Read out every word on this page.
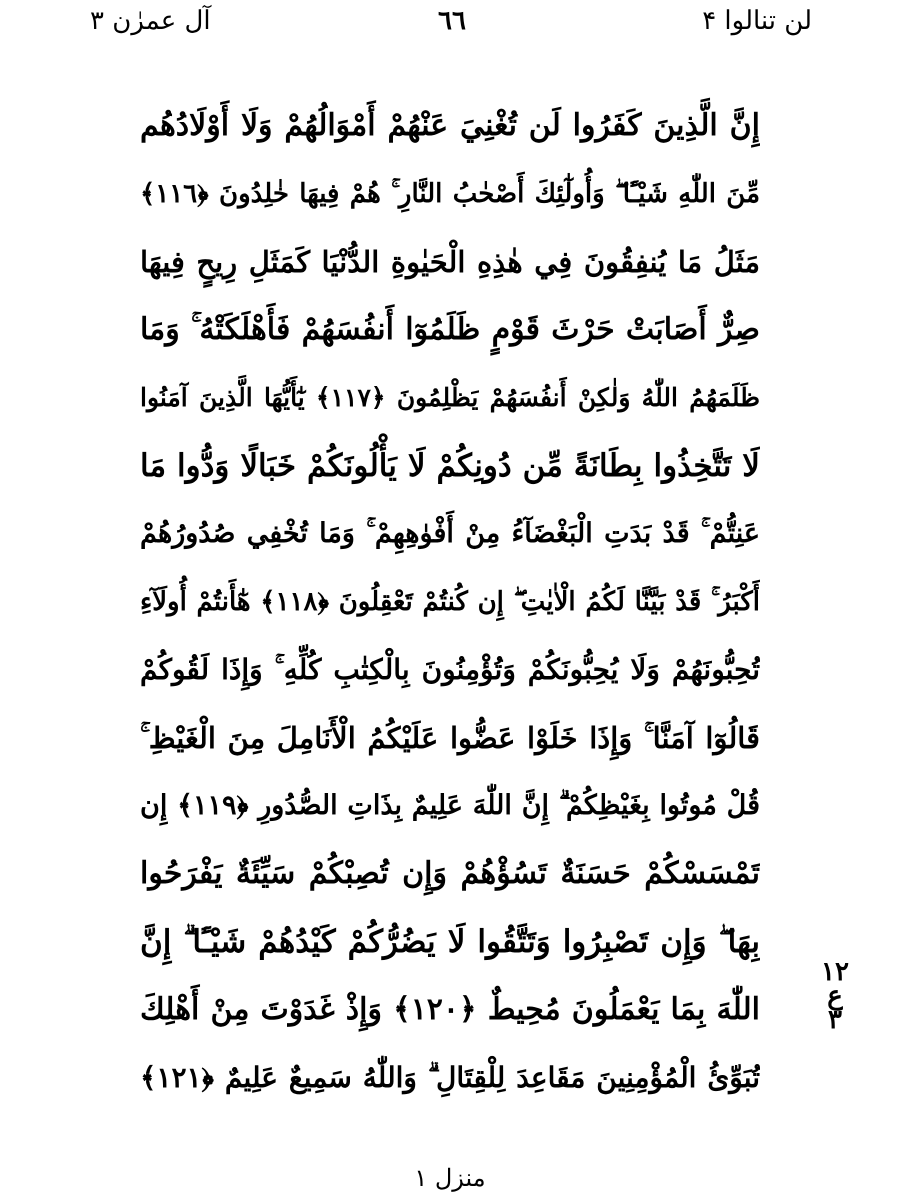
لن تنالوا ۴
٦٦
آل عمرٰن ۳
إِنَّ الَّذِينَ كَفَرُوا لَن تُغْنِيَ عَنْهُمْ أَمْوَالُهُمْ وَلَا أَوْلَادُهُم
مِّنَ اللّٰهِ شَيْـًٔا ۖ وَأُولٰٓئِكَ أَصْحٰبُ النَّارِ ۚ هُمْ فِيهَا خٰلِدُونَ ﴿١١٦﴾
مَثَلُ مَا يُنفِقُونَ فِي هٰذِهِ الْحَيٰوةِ الدُّنْيَا كَمَثَلِ رِيحٍ فِيهَا
صِرٌّ أَصَابَتْ حَرْثَ قَوْمٍ ظَلَمُوٓا أَنفُسَهُمْ فَأَهْلَكَتْهُ ۚ وَمَا
ظَلَمَهُمُ اللّٰهُ وَلٰكِنْ أَنفُسَهُمْ يَظْلِمُونَ ﴿١١٧﴾ يٰٓأَيُّهَا الَّذِينَ آمَنُوا
لَا تَتَّخِذُوا بِطَانَةً مِّن دُونِكُمْ لَا يَأْلُونَكُمْ خَبَالًا وَدُّوا مَا
عَنِتُّمْ ۚ قَدْ بَدَتِ الْبَغْضَآءُ مِنْ أَفْوٰهِهِمْ ۚ وَمَا تُخْفِي صُدُورُهُمْ
أَكْبَرُ ۚ قَدْ بَيَّنَّا لَكُمُ الْاٰيٰتِ ۖ إِن كُنتُمْ تَعْقِلُونَ ﴿١١٨﴾ هٰٓأَنتُمْ أُولَآءِ
تُحِبُّونَهُمْ وَلَا يُحِبُّونَكُمْ وَتُؤْمِنُونَ بِالْكِتٰبِ كُلِّهِ ۚ وَإِذَا لَقُوكُمْ
قَالُوٓا آمَنَّا ۚ وَإِذَا خَلَوْا عَضُّوا عَلَيْكُمُ الْأَنَامِلَ مِنَ الْغَيْظِ ۚ
قُلْ مُوتُوا بِغَيْظِكُمْ ۗ إِنَّ اللّٰهَ عَلِيمٌ بِذَاتِ الصُّدُورِ ﴿١١٩﴾ إِن
تَمْسَسْكُمْ حَسَنَةٌ تَسُؤْهُمْ وَإِن تُصِبْكُمْ سَيِّئَةٌ يَفْرَحُوا
بِهَا ۖ وَإِن تَصْبِرُوا وَتَتَّقُوا لَا يَضُرُّكُمْ كَيْدُهُمْ شَيْـًٔا ۗ إِنَّ
اللّٰهَ بِمَا يَعْمَلُونَ مُحِيطٌ ﴿١٢٠﴾ وَإِذْ غَدَوْتَ مِنْ أَهْلِكَ
تُبَوِّئُ الْمُؤْمِنِينَ مَقَاعِدَ لِلْقِتَالِ ۗ وَاللّٰهُ سَمِيعٌ عَلِيمٌ ﴿١٢١﴾
١٢
ع
٣
منزل ۱
